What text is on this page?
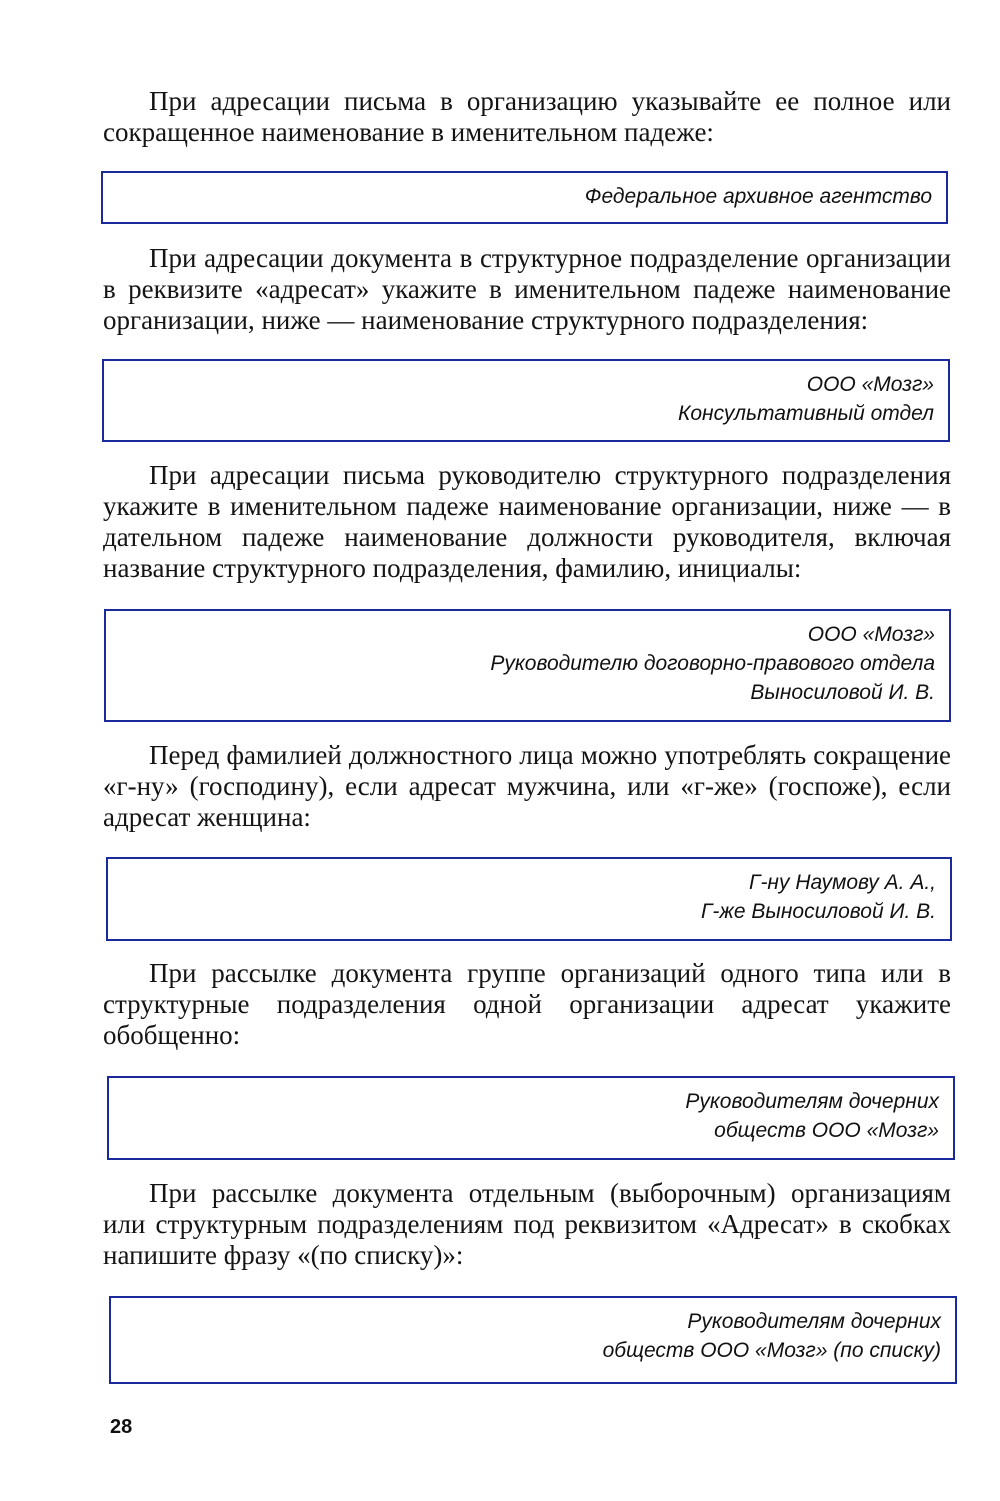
При адресации письма в организацию указывайте ее полное или сокращенное наименование в именительном падеже:

Федеральное архивное агентство

При адресации документа в структурное подразделение организации в реквизите «адресат» укажите в именительном падеже наименование организации, ниже — наименование структурного подразделения:

ООО «Мозг»
Консультативный отдел

При адресации письма руководителю структурного подразделения укажите в именительном падеже наименование организации, ниже — в дательном падеже наименование должности руководителя, включая название структурного подразделения, фамилию, инициалы:

ООО «Мозг»
Руководителю договорно-правового отдела
Выносиловой И. В.

Перед фамилией должностного лица можно употреблять сокращение «г-ну» (господину), если адресат мужчина, или «г-же» (госпоже), если адресат женщина:

Г-ну Наумову А. А.,
Г-же Выносиловой И. В.

При рассылке документа группе организаций одного типа или в структурные подразделения одной организации адресат укажите обобщенно:

Руководителям дочерних
обществ ООО «Мозг»

При рассылке документа отдельным (выборочным) организациям или структурным подразделениям под реквизитом «Адресат» в скобках напишите фразу «(по списку)»:

Руководителям дочерних
обществ ООО «Мозг» (по списку)
28
